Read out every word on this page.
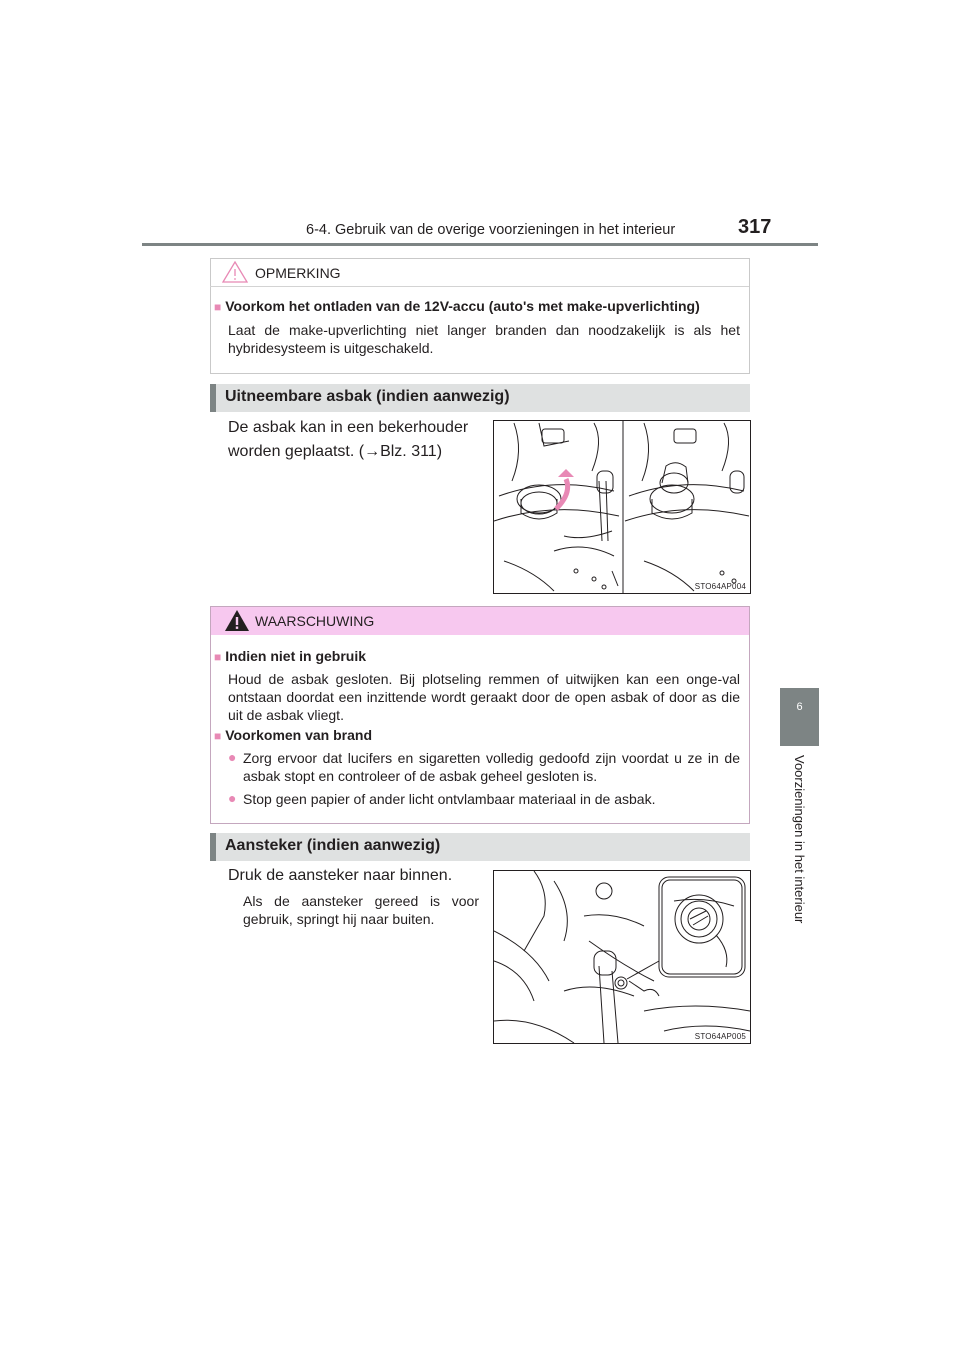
6-4. Gebruik van de overige voorzieningen in het interieur	317
6
Voorzieningen in het interieur
OPMERKING
■ Voorkom het ontladen van de 12V-accu (auto's met make-upverlichting)
Laat de make-upverlichting niet langer branden dan noodzakelijk is als het hybridesysteem is uitgeschakeld.
Uitneembare asbak (indien aanwezig)
De asbak kan in een bekerhouder
worden geplaatst. (→Blz. 311)
STO64AP004
WAARSCHUWING
■ Indien niet in gebruik
Houd de asbak gesloten. Bij plotseling remmen of uitwijken kan een onge-val ontstaan doordat een inzittende wordt geraakt door de open asbak of door as die uit de asbak vliegt.
■ Voorkomen van brand
● Zorg ervoor dat lucifers en sigaretten volledig gedoofd zijn voordat u ze in de asbak stopt en controleer of de asbak geheel gesloten is.
● Stop geen papier of ander licht ontvlambaar materiaal in de asbak.
Aansteker (indien aanwezig)
Druk de aansteker naar binnen.
Als de aansteker gereed is voor gebruik, springt hij naar buiten.
STO64AP005
